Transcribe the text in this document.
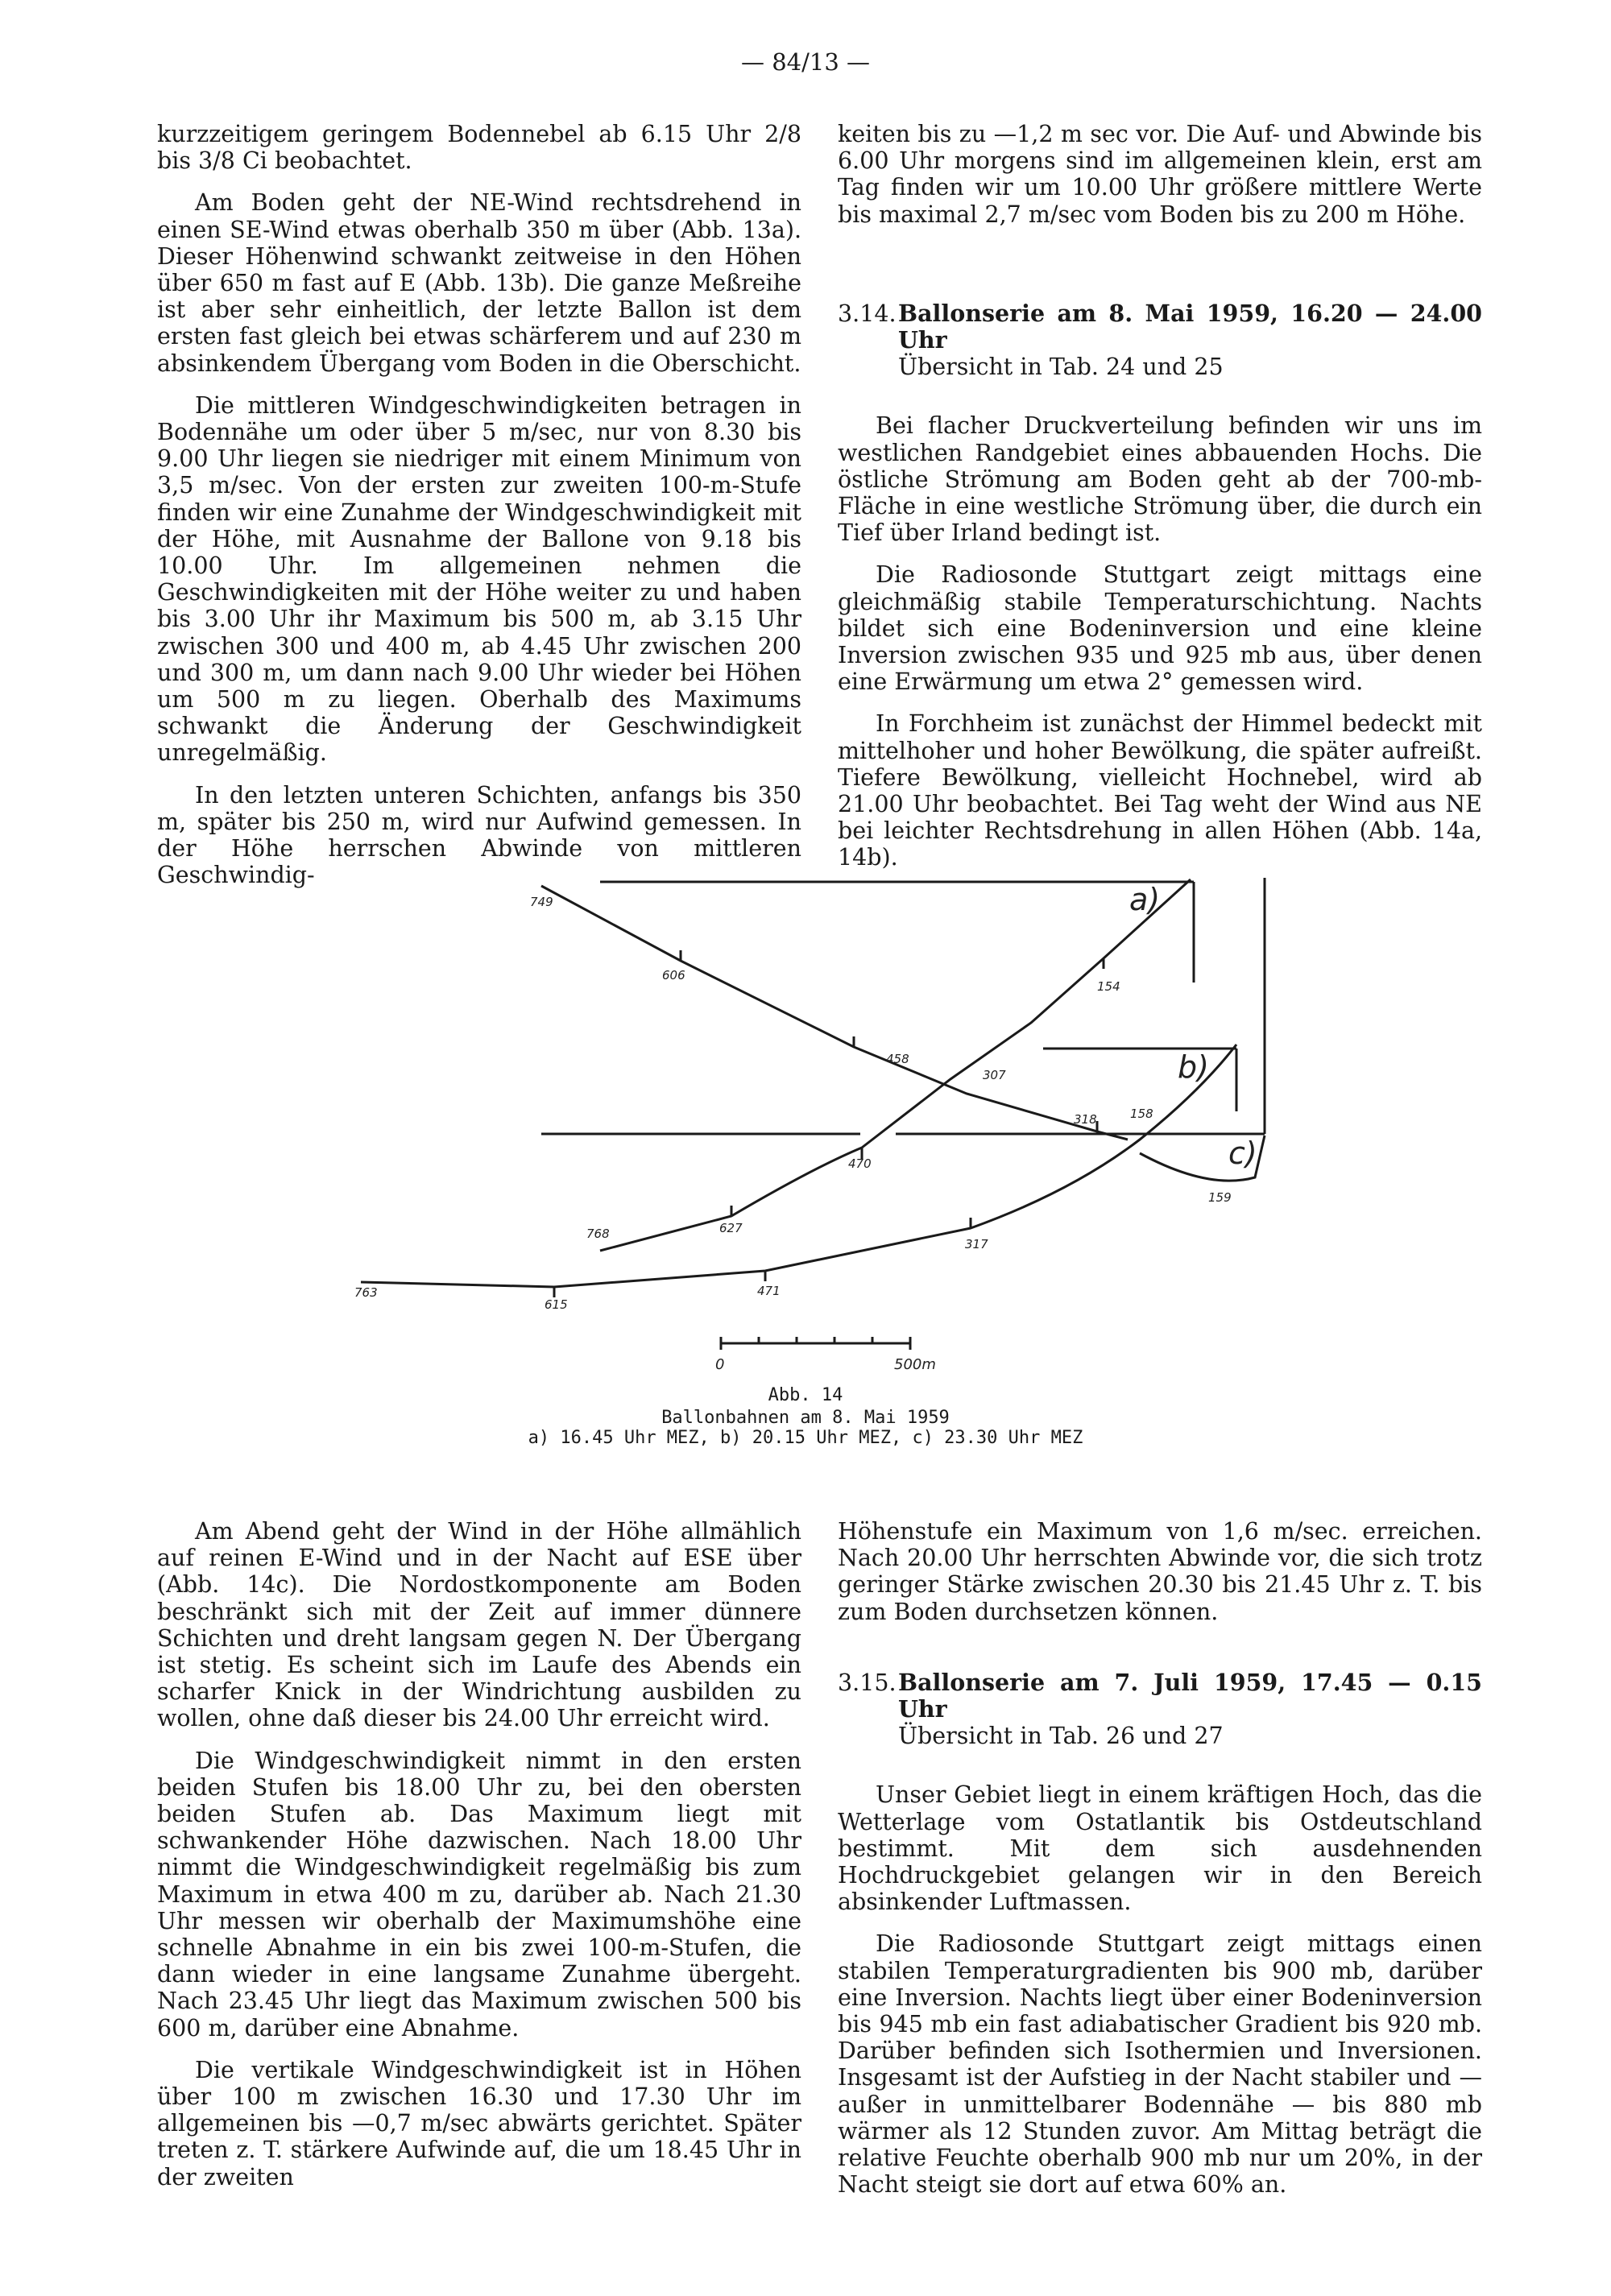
— 84/13 —

kurzzeitigem geringem Bodennebel ab 6.15 Uhr 2/8 bis 3/8 Ci beobachtet.

Am Boden geht der NE-Wind rechtsdrehend in einen SE-Wind etwas oberhalb 350 m über (Abb. 13a). Dieser Höhenwind schwankt zeitweise in den Höhen über 650 m fast auf E (Abb. 13b). Die ganze Meßreihe ist aber sehr einheitlich, der letzte Ballon ist dem ersten fast gleich bei etwas schärferem und auf 230 m absinkendem Übergang vom Boden in die Oberschicht.

Die mittleren Windgeschwindigkeiten betragen in Bodennähe um oder über 5 m/sec, nur von 8.30 bis 9.00 Uhr liegen sie niedriger mit einem Minimum von 3,5 m/sec. Von der ersten zur zweiten 100-m-Stufe finden wir eine Zunahme der Windgeschwindigkeit mit der Höhe, mit Ausnahme der Ballone von 9.18 bis 10.00 Uhr. Im allgemeinen nehmen die Geschwindigkeiten mit der Höhe weiter zu und haben bis 3.00 Uhr ihr Maximum bis 500 m, ab 3.15 Uhr zwischen 300 und 400 m, ab 4.45 Uhr zwischen 200 und 300 m, um dann nach 9.00 Uhr wieder bei Höhen um 500 m zu liegen. Oberhalb des Maximums schwankt die Änderung der Geschwindigkeit unregelmäßig.

In den letzten unteren Schichten, anfangs bis 350 m, später bis 250 m, wird nur Aufwind gemessen. In der Höhe herrschen Abwinde von mittleren Geschwindig-

keiten bis zu —1,2 m sec vor. Die Auf- und Abwinde bis 6.00 Uhr morgens sind im allgemeinen klein, erst am Tag finden wir um 10.00 Uhr größere mittlere Werte bis maximal 2,7 m/sec vom Boden bis zu 200 m Höhe.

3.14. Ballonserie am 8. Mai 1959, 16.20 — 24.00 Uhr
Übersicht in Tab. 24 und 25

Bei flacher Druckverteilung befinden wir uns im westlichen Randgebiet eines abbauenden Hochs. Die östliche Strömung am Boden geht ab der 700-mb-Fläche in eine westliche Strömung über, die durch ein Tief über Irland bedingt ist.

Die Radiosonde Stuttgart zeigt mittags eine gleichmäßig stabile Temperaturschichtung. Nachts bildet sich eine Bodeninversion und eine kleine Inversion zwischen 935 und 925 mb aus, über denen eine Erwärmung um etwa 2° gemessen wird.

In Forchheim ist zunächst der Himmel bedeckt mit mittelhoher und hoher Bewölkung, die später aufreißt. Tiefere Bewölkung, vielleicht Hochnebel, wird ab 21.00 Uhr beobachtet. Bei Tag weht der Wind aus NE bei leichter Rechtsdrehung in allen Höhen (Abb. 14a, 14b).

a)
b)
c)
749
606
458
318
159
768	627
470
307
154
763
615
471
317
158
0	500m
Abb. 14
Ballonbahnen am 8. Mai 1959
a) 16.45 Uhr MEZ, b) 20.15 Uhr MEZ, c) 23.30 Uhr MEZ

Am Abend geht der Wind in der Höhe allmählich auf reinen E-Wind und in der Nacht auf ESE über (Abb. 14c). Die Nordostkomponente am Boden beschränkt sich mit der Zeit auf immer dünnere Schichten und dreht langsam gegen N. Der Übergang ist stetig. Es scheint sich im Laufe des Abends ein scharfer Knick in der Windrichtung ausbilden zu wollen, ohne daß dieser bis 24.00 Uhr erreicht wird.

Die Windgeschwindigkeit nimmt in den ersten beiden Stufen bis 18.00 Uhr zu, bei den obersten beiden Stufen ab. Das Maximum liegt mit schwankender Höhe dazwischen. Nach 18.00 Uhr nimmt die Windgeschwindigkeit regelmäßig bis zum Maximum in etwa 400 m zu, darüber ab. Nach 21.30 Uhr messen wir oberhalb der Maximumshöhe eine schnelle Abnahme in ein bis zwei 100-m-Stufen, die dann wieder in eine langsame Zunahme übergeht. Nach 23.45 Uhr liegt das Maximum zwischen 500 bis 600 m, darüber eine Abnahme.

Die vertikale Windgeschwindigkeit ist in Höhen über 100 m zwischen 16.30 und 17.30 Uhr im allgemeinen bis —0,7 m/sec abwärts gerichtet. Später treten z. T. stärkere Aufwinde auf, die um 18.45 Uhr in der zweiten

Höhenstufe ein Maximum von 1,6 m/sec. erreichen. Nach 20.00 Uhr herrschten Abwinde vor, die sich trotz geringer Stärke zwischen 20.30 bis 21.45 Uhr z. T. bis zum Boden durchsetzen können.

3.15. Ballonserie am 7. Juli 1959, 17.45 — 0.15 Uhr
Übersicht in Tab. 26 und 27

Unser Gebiet liegt in einem kräftigen Hoch, das die Wetterlage vom Ostatlantik bis Ostdeutschland bestimmt. Mit dem sich ausdehnenden Hochdruckgebiet gelangen wir in den Bereich absinkender Luftmassen.

Die Radiosonde Stuttgart zeigt mittags einen stabilen Temperaturgradienten bis 900 mb, darüber eine Inversion. Nachts liegt über einer Bodeninversion bis 945 mb ein fast adiabatischer Gradient bis 920 mb. Darüber befinden sich Isothermien und Inversionen. Insgesamt ist der Aufstieg in der Nacht stabiler und — außer in unmittelbarer Bodennähe — bis 880 mb wärmer als 12 Stunden zuvor. Am Mittag beträgt die relative Feuchte oberhalb 900 mb nur um 20%, in der Nacht steigt sie dort auf etwa 60% an.
